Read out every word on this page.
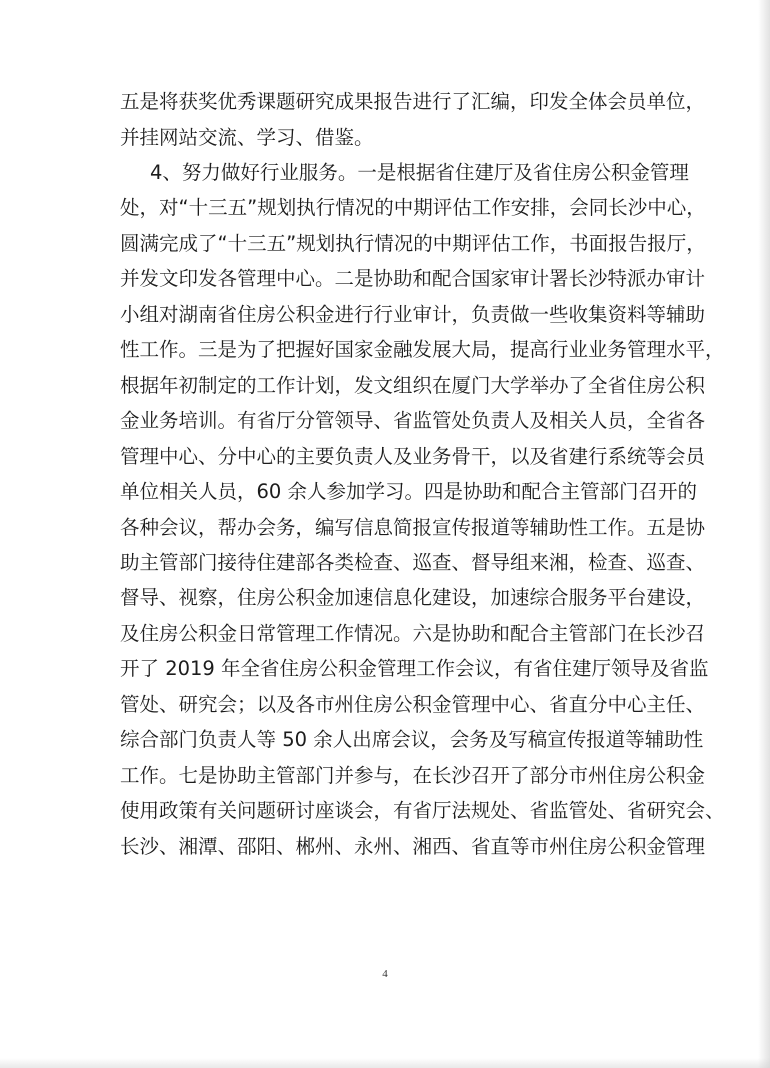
五是将获奖优秀课题研究成果报告进行了汇编，印发全体会员单位，
并挂网站交流、学习、借鉴。
4、努力做好行业服务。一是根据省住建厅及省住房公积金管理
处，对“十三五”规划执行情况的中期评估工作安排，会同长沙中心，
圆满完成了“十三五”规划执行情况的中期评估工作，书面报告报厅，
并发文印发各管理中心。二是协助和配合国家审计署长沙特派办审计
小组对湖南省住房公积金进行行业审计，负责做一些收集资料等辅助
性工作。三是为了把握好国家金融发展大局，提高行业业务管理水平，
根据年初制定的工作计划，发文组织在厦门大学举办了全省住房公积
金业务培训。有省厅分管领导、省监管处负责人及相关人员，全省各
管理中心、分中心的主要负责人及业务骨干，以及省建行系统等会员
单位相关人员，60 余人参加学习。四是协助和配合主管部门召开的
各种会议，帮办会务，编写信息简报宣传报道等辅助性工作。五是协
助主管部门接待住建部各类检查、巡查、督导组来湘，检查、巡查、
督导、视察，住房公积金加速信息化建设，加速综合服务平台建设，
及住房公积金日常管理工作情况。六是协助和配合主管部门在长沙召
开了 2019 年全省住房公积金管理工作会议，有省住建厅领导及省监
管处、研究会；以及各市州住房公积金管理中心、省直分中心主任、
综合部门负责人等 50 余人出席会议，会务及写稿宣传报道等辅助性
工作。七是协助主管部门并参与，在长沙召开了部分市州住房公积金
使用政策有关问题研讨座谈会，有省厅法规处、省监管处、省研究会、
长沙、湘潭、邵阳、郴州、永州、湘西、省直等市州住房公积金管理
4
